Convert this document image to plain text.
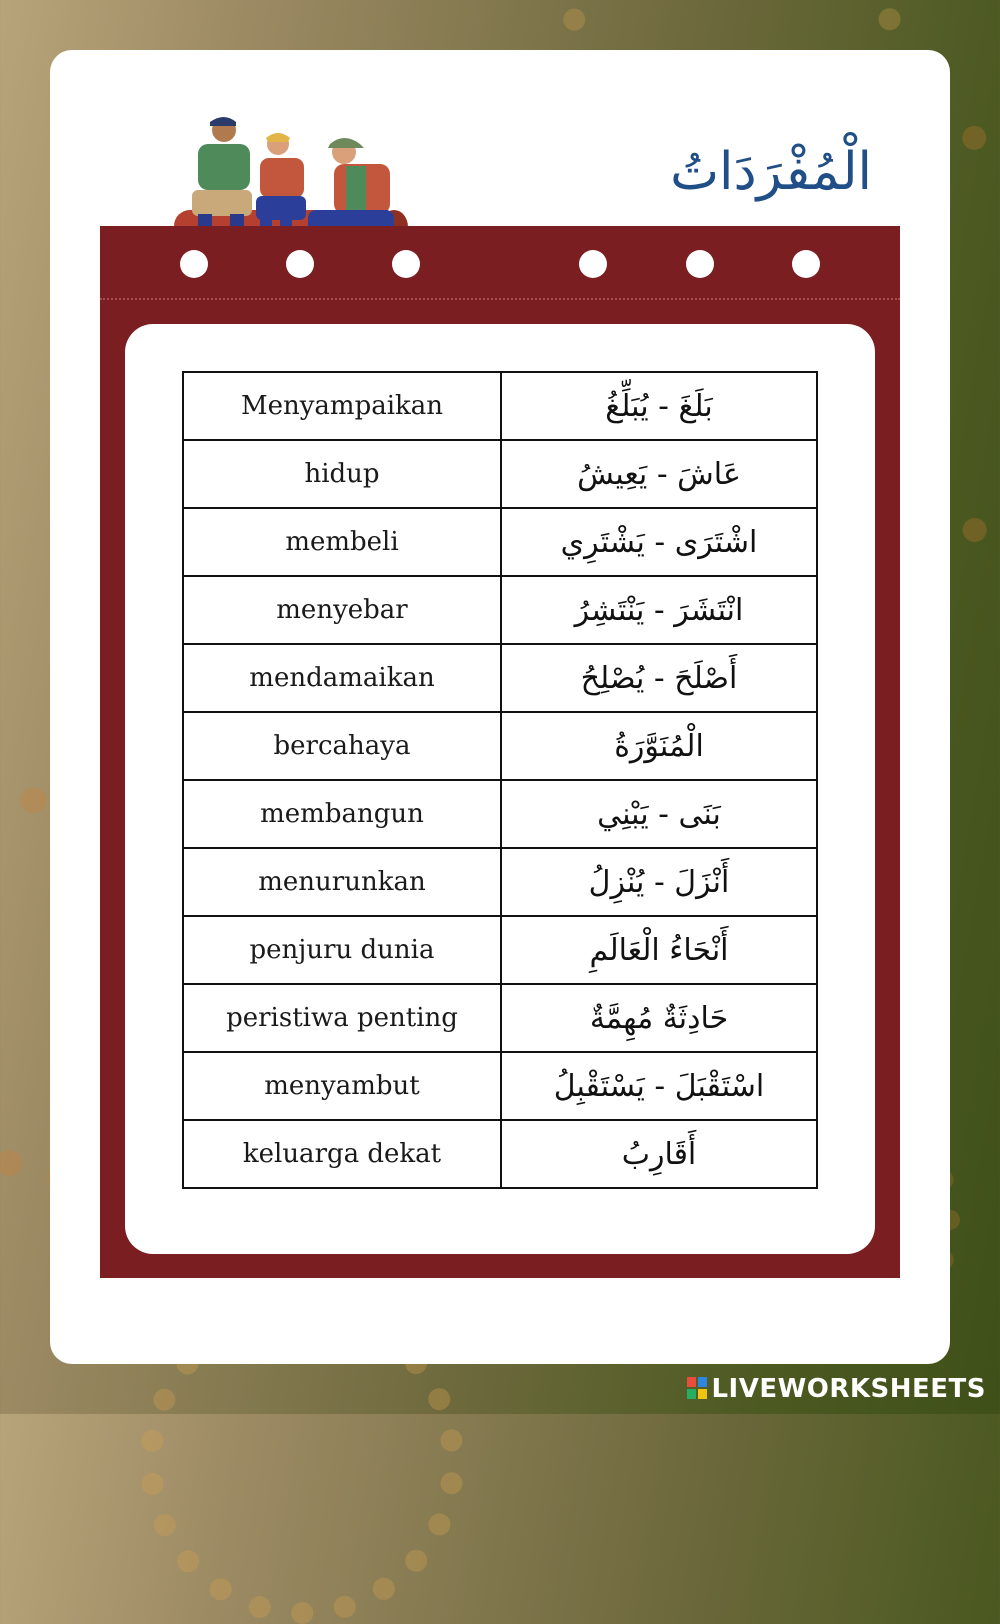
الْمُفْرَدَاتُ
Menyampaikan	بَلَغَ - يُبَلِّغُ
hidup	عَاشَ - يَعِيشُ
membeli	اشْتَرَى - يَشْتَرِي
menyebar	انْتَشَرَ - يَنْتَشِرُ
mendamaikan	أَصْلَحَ - يُصْلِحُ
bercahaya	الْمُنَوَّرَةُ
membangun	بَنَى - يَبْنِي
menurunkan	أَنْزَلَ - يُنْزِلُ
penjuru dunia	أَنْحَاءُ الْعَالَمِ
peristiwa penting	حَادِثَةٌ مُهِمَّةٌ
menyambut	اسْتَقْبَلَ - يَسْتَقْبِلُ
keluarga dekat	أَقَارِبُ
LIVEWORKSHEETS
